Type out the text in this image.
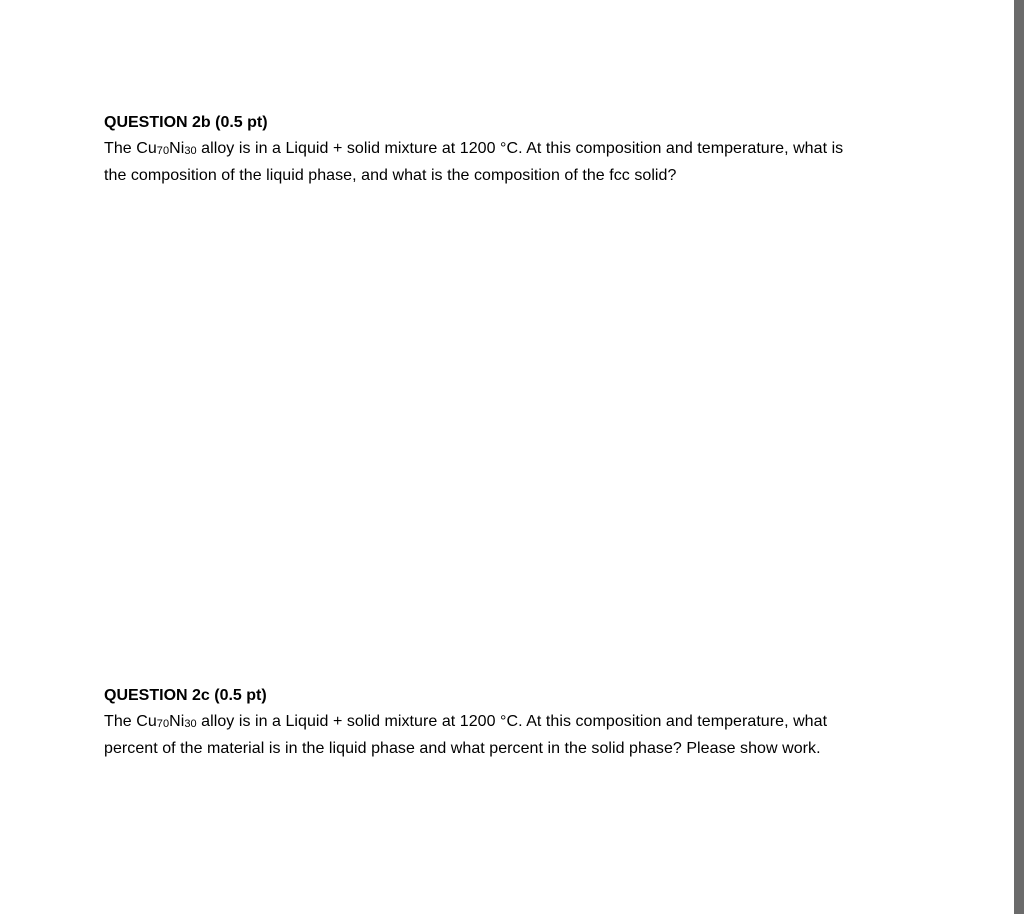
QUESTION 2b (0.5 pt)

The $Cu_{70}Ni_{30}$ alloy is in a Liquid + solid mixture at 1200 °C. At this composition and temperature, what is
the composition of the liquid phase, and what is the composition of the fcc solid?

QUESTION 2c (0.5 pt)

The $Cu_{70}Ni_{30}$ alloy is in a Liquid + solid mixture at 1200 °C. At this composition and temperature, what
percent of the material is in the liquid phase and what percent in the solid phase? Please show work.
